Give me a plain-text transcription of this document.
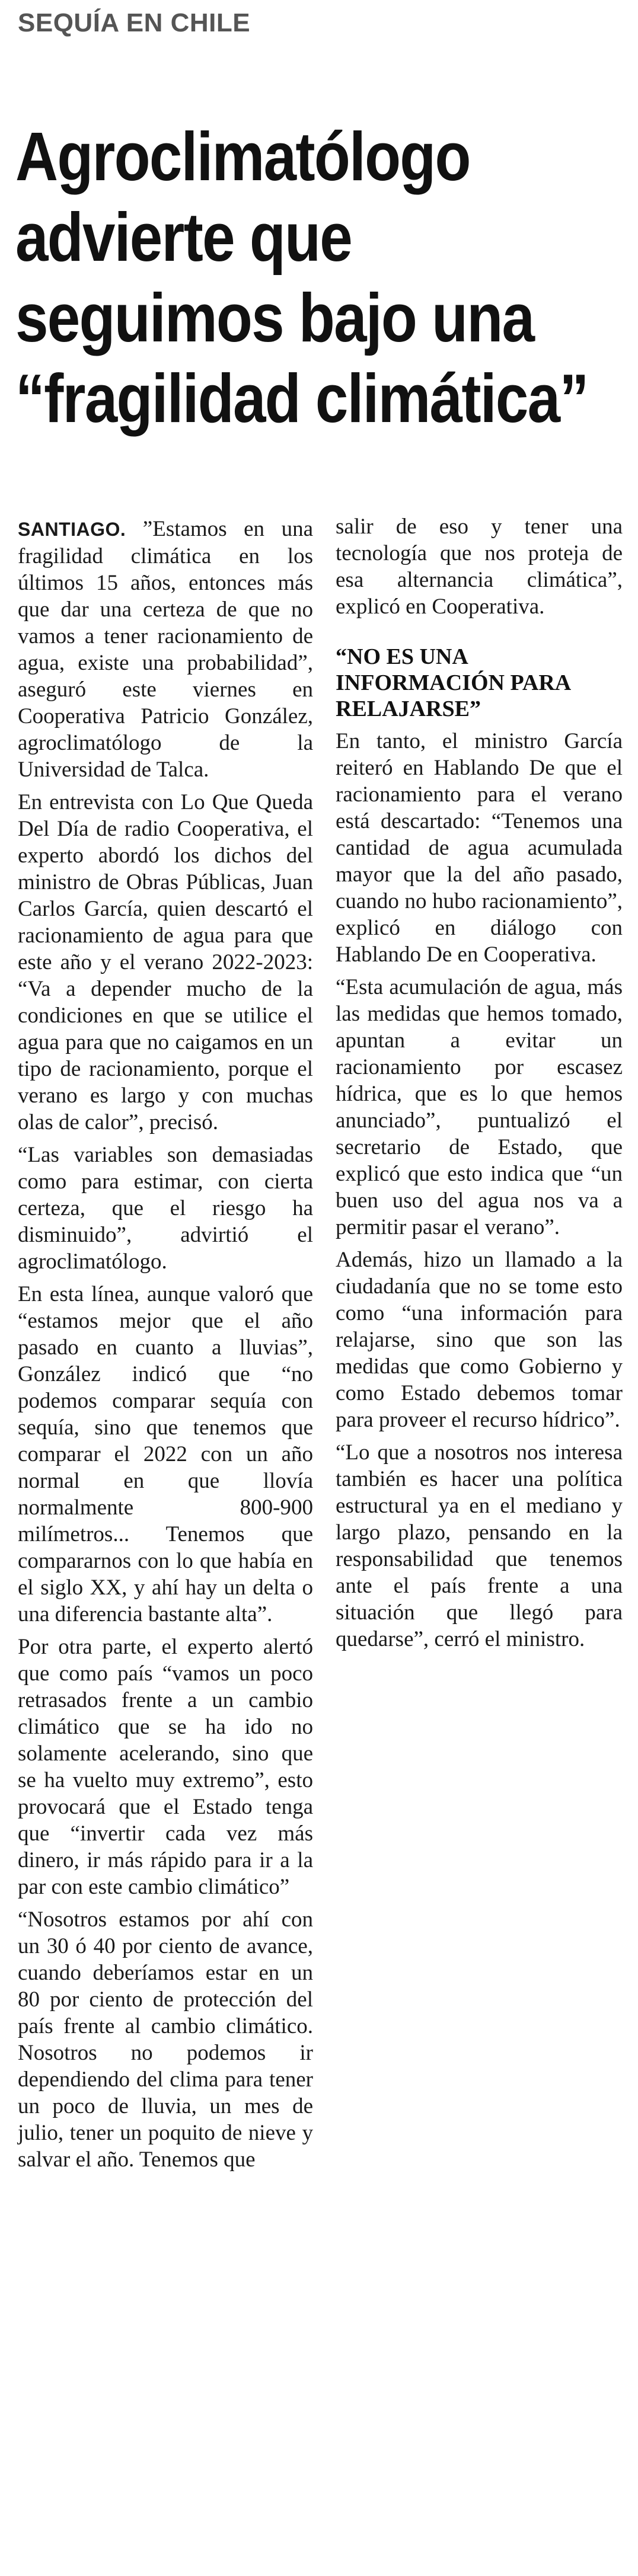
SEQUÍA EN CHILE
Agroclimatólogo
advierte que
seguimos bajo una
“fragilidad climática”

SANTIAGO. ”Estamos en una fragilidad climática en los últimos 15 años, entonces más que dar una certeza de que no vamos a tener racionamiento de agua, existe una probabilidad”, aseguró este viernes en Cooperativa Patricio González, agroclimatólogo de la Universidad de Talca.

En entrevista con Lo Que Queda Del Día de radio Cooperativa, el experto abordó los dichos del ministro de Obras Públicas, Juan Carlos García, quien descartó el racionamiento de agua para que este año y el verano 2022-2023: “Va a depender mucho de la condiciones en que se utilice el agua para que no caigamos en un tipo de racionamiento, porque el verano es largo y con muchas olas de calor”, precisó.

“Las variables son demasiadas como para estimar, con cierta certeza, que el riesgo ha disminuido”, advirtió el agroclimatólogo.

En esta línea, aunque valoró que “estamos mejor que el año pasado en cuanto a lluvias”, González indicó que “no podemos comparar sequía con sequía, sino que tenemos que comparar el 2022 con un año normal en que llovía normalmente 800-900 milímetros... Tenemos que compararnos con lo que había en el siglo XX, y ahí hay un delta o una diferencia bastante alta”.

Por otra parte, el experto alertó que como país “vamos un poco retrasados frente a un cambio climático que se ha ido no solamente acelerando, sino que se ha vuelto muy extremo”, esto provocará que el Estado tenga que “invertir cada vez más dinero, ir más rápido para ir a la par con este cambio climático”

“Nosotros estamos por ahí con un 30 ó 40 por ciento de avance, cuando deberíamos estar en un 80 por ciento de protección del país frente al cambio climático. Nosotros no podemos ir dependiendo del clima para tener un poco de lluvia, un mes de julio, tener un poquito de nieve y salvar el año. Tenemos que

salir de eso y tener una tecnología que nos proteja de esa alternancia climática”, explicó en Cooperativa.

“NO ES UNA
INFORMACIÓN PARA
RELAJARSE”

En tanto, el ministro García reiteró en Hablando De que el racionamiento para el verano está descartado: “Tenemos una cantidad de agua acumulada mayor que la del año pasado, cuando no hubo racionamiento”, explicó en diálogo con Hablando De en Cooperativa.

“Esta acumulación de agua, más las medidas que hemos tomado, apuntan a evitar un racionamiento por escasez hídrica, que es lo que hemos anunciado”, puntualizó el secretario de Estado, que explicó que esto indica que “un buen uso del agua nos va a permitir pasar el verano”.

Además, hizo un llamado a la ciudadanía que no se tome esto como “una información para relajarse, sino que son las medidas que como Gobierno y como Estado debemos tomar para proveer el recurso hídrico”.

“Lo que a nosotros nos interesa también es hacer una política estructural ya en el mediano y largo plazo, pensando en la responsabilidad que tenemos ante el país frente a una situación que llegó para quedarse”, cerró el ministro.
